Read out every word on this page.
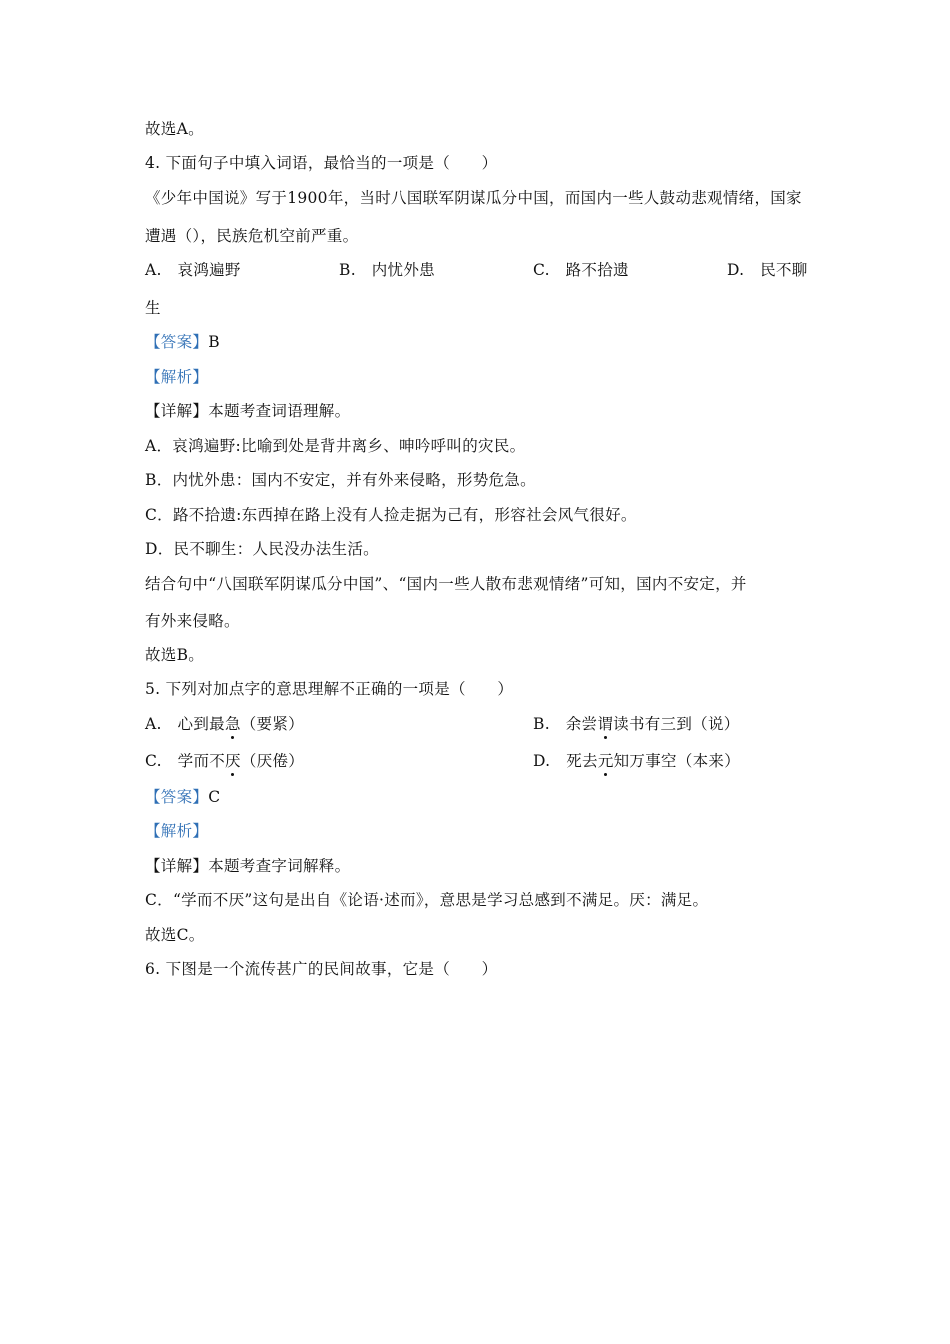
故选A。
4. 下面句子中填入词语，最恰当的一项是（　　）
《少年中国说》写于1900年，当时八国联军阴谋瓜分中国，而国内一些人鼓动悲观情绪，国家
遭遇（），民族危机空前严重。
A.　哀鸿遍野	B.　内忧外患	C.　路不拾遗	D.　民不聊
生
【答案】B
【解析】
【详解】本题考查词语理解。
A．哀鸿遍野:比喻到处是背井离乡、呻吟呼叫的灾民。
B．内忧外患：国内不安定，并有外来侵略，形势危急。
C．路不拾遗:东西掉在路上没有人捡走据为己有，形容社会风气很好。
D．民不聊生：人民没办法生活。
结合句中“八国联军阴谋瓜分中国”、“国内一些人散布悲观情绪”可知，国内不安定，并
有外来侵略。
故选B。
5. 下列对加点字的意思理解不正确的一项是（　　）
A.　心到最急（要紧）	B.　余尝谓读书有三到（说）
C.　学而不厌（厌倦）	D.　死去元知万事空（本来）
【答案】C
【解析】
【详解】本题考查字词解释。
C．“学而不厌”这句是出自《论语·述而》，意思是学习总感到不满足。厌：满足。
故选C。
6. 下图是一个流传甚广的民间故事，它是（　　）
